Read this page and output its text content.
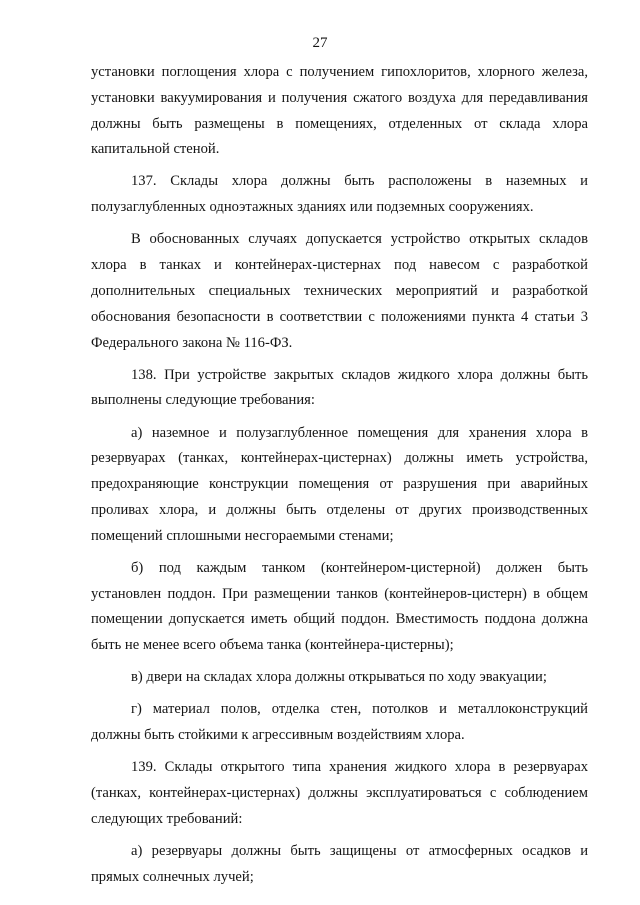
27

установки поглощения хлора с получением гипохлоритов, хлорного железа, установки вакуумирования и получения сжатого воздуха для передавливания должны быть размещены в помещениях, отделенных от склада хлора капитальной стеной.

137. Склады хлора должны быть расположены в наземных и полузаглубленных одноэтажных зданиях или подземных сооружениях.

В обоснованных случаях допускается устройство открытых складов хлора в танках и контейнерах-цистернах под навесом с разработкой дополнительных специальных технических мероприятий и разработкой обоснования безопасности в соответствии с положениями пункта 4 статьи 3 Федерального закона № 116-ФЗ.

138. При устройстве закрытых складов жидкого хлора должны быть выполнены следующие требования:

а) наземное и полузаглубленное помещения для хранения хлора в резервуарах (танках, контейнерах-цистернах) должны иметь устройства, предохраняющие конструкции помещения от разрушения при аварийных проливах хлора, и должны быть отделены от других производственных помещений сплошными несгораемыми стенами;

б) под каждым танком (контейнером-цистерной) должен быть установлен поддон. При размещении танков (контейнеров-цистерн) в общем помещении допускается иметь общий поддон. Вместимость поддона должна быть не менее всего объема танка (контейнера-цистерны);

в) двери на складах хлора должны открываться по ходу эвакуации;

г) материал полов, отделка стен, потолков и металлоконструкций должны быть стойкими к агрессивным воздействиям хлора.

139. Склады открытого типа хранения жидкого хлора в резервуарах (танках, контейнерах-цистернах) должны эксплуатироваться с соблюдением следующих требований:

а) резервуары должны быть защищены от атмосферных осадков и прямых солнечных лучей;
